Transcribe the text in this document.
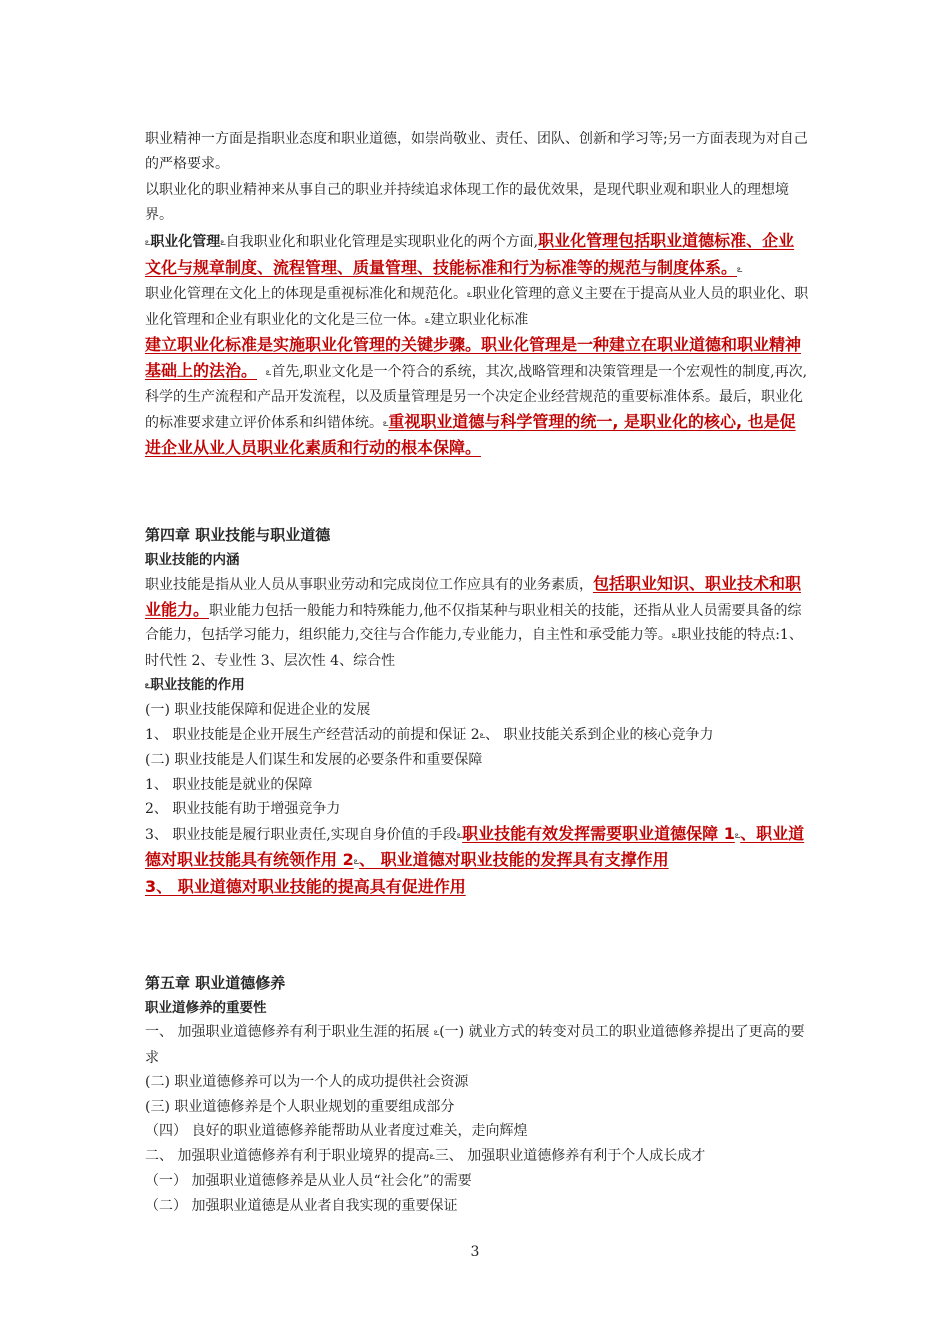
职业精神一方面是指职业态度和职业道德，如崇尚敬业、责任、团队、创新和学习等;另一方面表现为对自己的严格要求。

以职业化的职业精神来从事自己的职业并持续追求体现工作的最优效果，是现代职业观和职业人的理想境界。

ఽ职业化管理ఽ自我职业化和职业化管理是实现职业化的两个方面,职业化管理包括职业道德标准、企业文化与规章制度、流程管理、质量管理、技能标准和行为标准等的规范与制度体系。ఽ

职业化管理在文化上的体现是重视标准化和规范化。ఽ职业化管理的意义主要在于提高从业人员的职业化、职业化管理和企业有职业化的文化是三位一体。ఽ建立职业化标准

建立职业化标准是实施职业化管理的关键步骤。职业化管理是一种建立在职业道德和职业精神基础上的法治。 ఽ首先,职业文化是一个符合的系统，其次,战略管理和决策管理是一个宏观性的制度,再次,科学的生产流程和产品开发流程，以及质量管理是另一个决定企业经营规范的重要标准体系。最后，职业化的标准要求建立评价体系和纠错体统。ఽ重视职业道德与科学管理的统一, 是职业化的核心, 也是促进企业从业人员职业化素质和行动的根本保障。

第四章 职业技能与职业道德
职业技能的内涵

职业技能是指从业人员从事职业劳动和完成岗位工作应具有的业务素质，包括职业知识、职业技术和职业能力。职业能力包括一般能力和特殊能力,他不仅指某种与职业相关的技能，还指从业人员需要具备的综合能力，包括学习能力，组织能力,交往与合作能力,专业能力，自主性和承受能力等。ఽ职业技能的特点:1、时代性 2、专业性 3、层次性 4、综合性

ఽ职业技能的作用

(一) 职业技能保障和促进企业的发展

1、 职业技能是企业开展生产经营活动的前提和保证 2ఽ、 职业技能关系到企业的核心竞争力

(二) 职业技能是人们谋生和发展的必要条件和重要保障

1、 职业技能是就业的保障

2、 职业技能有助于增强竞争力

3、 职业技能是履行职业责任,实现自身价值的手段ఽ职业技能有效发挥需要职业道德保障 1ఽ、职业道德对职业技能具有统领作用 2ఽ、 职业道德对职业技能的发挥具有支撑作用

3、 职业道德对职业技能的提高具有促进作用

第五章 职业道德修养
职业道修养的重要性

一、 加强职业道德修养有利于职业生涯的拓展 ఽ(一) 就业方式的转变对员工的职业道德修养提出了更高的要求

(二) 职业道德修养可以为一个人的成功提供社会资源

(三) 职业道德修养是个人职业规划的重要组成部分

（四） 良好的职业道德修养能帮助从业者度过难关，走向辉煌

二、 加强职业道德修养有利于职业境界的提高ఽ三、 加强职业道德修养有利于个人成长成才

（一） 加强职业道德修养是从业人员“社会化”的需要

（二） 加强职业道德是从业者自我实现的重要保证

3
